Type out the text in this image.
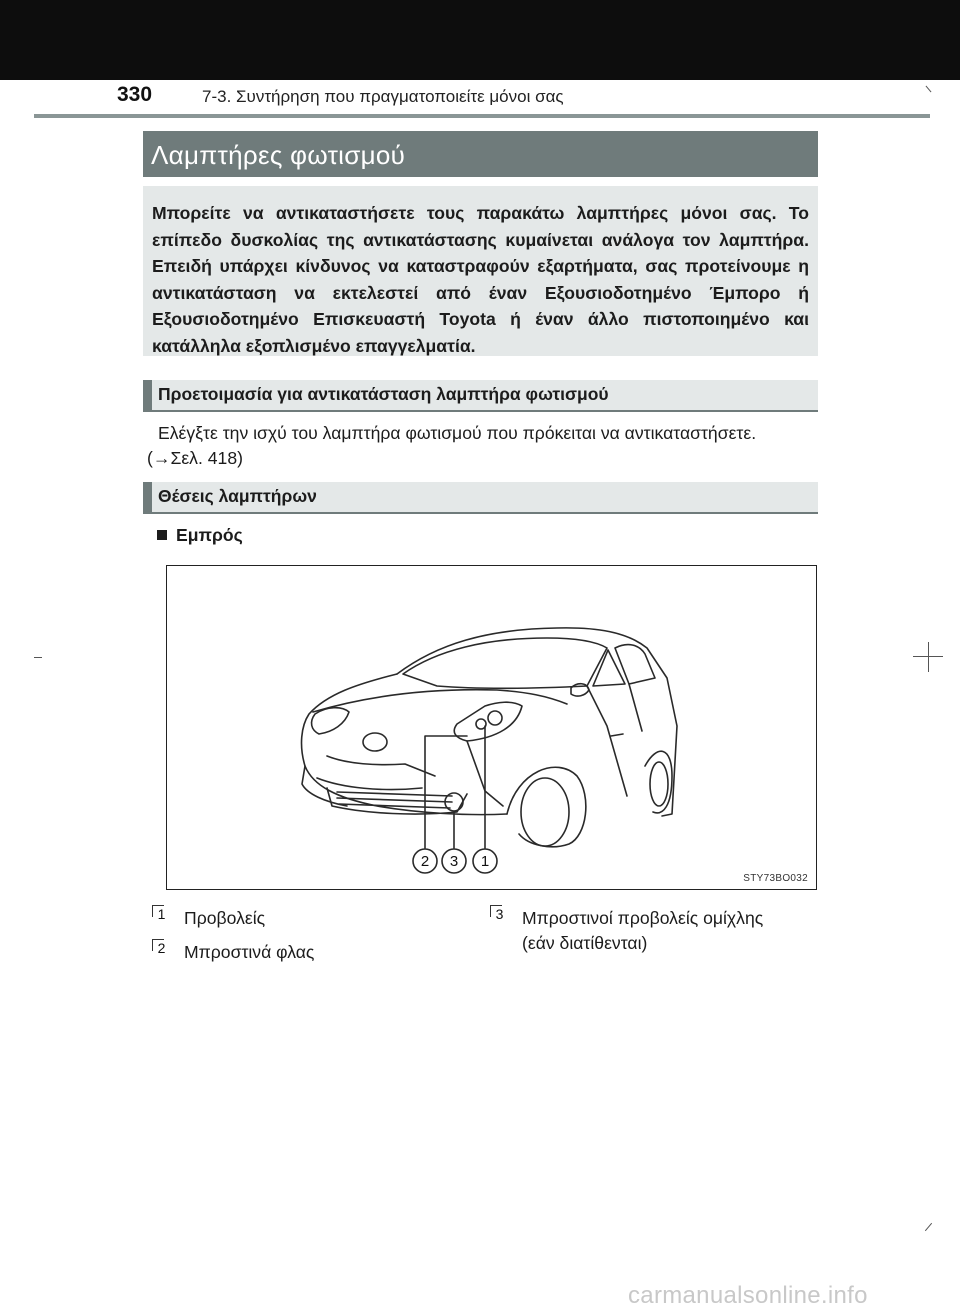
330	7-3. Συντήρηση που πραγματοποιείτε μόνοι σας
Λαμπτήρες φωτισμού
Μπορείτε να αντικαταστήσετε τους παρακάτω λαμπτήρες μόνοι σας. Το επίπεδο δυσκολίας της αντικατάστασης κυμαίνεται ανάλογα τον λαμπτήρα. Επειδή υπάρχει κίνδυνος να καταστραφούν εξαρτήματα, σας προτείνουμε η αντικατάσταση να εκτελεστεί από έναν Εξουσιοδοτημένο Έμπορο ή Εξουσιοδοτημένο Επισκευαστή Toyota ή έναν άλλο πιστοποιημένο και κατάλληλα εξοπλισμένο επαγγελματία.
Προετοιμασία για αντικατάσταση λαμπτήρα φωτισμού
Ελέγξτε την ισχύ του λαμπτήρα φωτισμού που πρόκειται να αντικαταστήσετε.
(→Σελ. 418)
Θέσεις λαμπτήρων
Εμπρός
2 3 1
STY73BO032
1	Προβολείς
2	Μπροστινά φλας
3	Μπροστινοί προβολείς ομίχλης
(εάν διατίθενται)
carmanualsonline.info
